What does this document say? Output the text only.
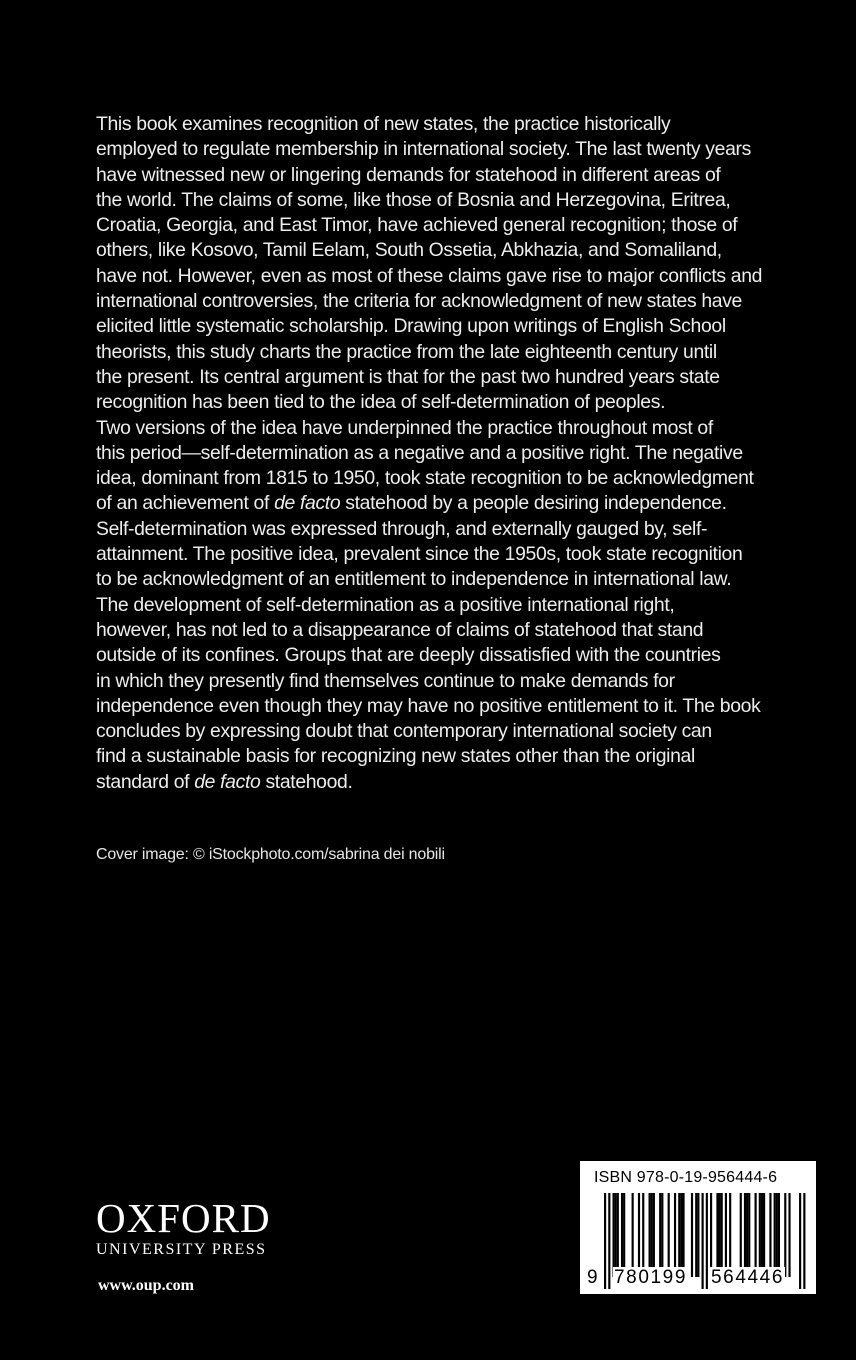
This book examines recognition of new states, the practice historically
employed to regulate membership in international society. The last twenty years
have witnessed new or lingering demands for statehood in different areas of
the world. The claims of some, like those of Bosnia and Herzegovina, Eritrea,
Croatia, Georgia, and East Timor, have achieved general recognition; those of
others, like Kosovo, Tamil Eelam, South Ossetia, Abkhazia, and Somaliland,
have not. However, even as most of these claims gave rise to major conflicts and
international controversies, the criteria for acknowledgment of new states have
elicited little systematic scholarship. Drawing upon writings of English School
theorists, this study charts the practice from the late eighteenth century until
the present. Its central argument is that for the past two hundred years state
recognition has been tied to the idea of self-determination of peoples.
Two versions of the idea have underpinned the practice throughout most of
this period—self-determination as a negative and a positive right. The negative
idea, dominant from 1815 to 1950, took state recognition to be acknowledgment
of an achievement of de facto statehood by a people desiring independence.
Self-determination was expressed through, and externally gauged by, self-
attainment. The positive idea, prevalent since the 1950s, took state recognition
to be acknowledgment of an entitlement to independence in international law.
The development of self-determination as a positive international right,
however, has not led to a disappearance of claims of statehood that stand
outside of its confines. Groups that are deeply dissatisfied with the countries
in which they presently find themselves continue to make demands for
independence even though they may have no positive entitlement to it. The book
concludes by expressing doubt that contemporary international society can
find a sustainable basis for recognizing new states other than the original
standard of de facto statehood.
Cover image: © iStockphoto.com/sabrina dei nobili
OXFORD
UNIVERSITY PRESS
www.oup.com
ISBN 978-0-19-956444-6
9 780199 564446
